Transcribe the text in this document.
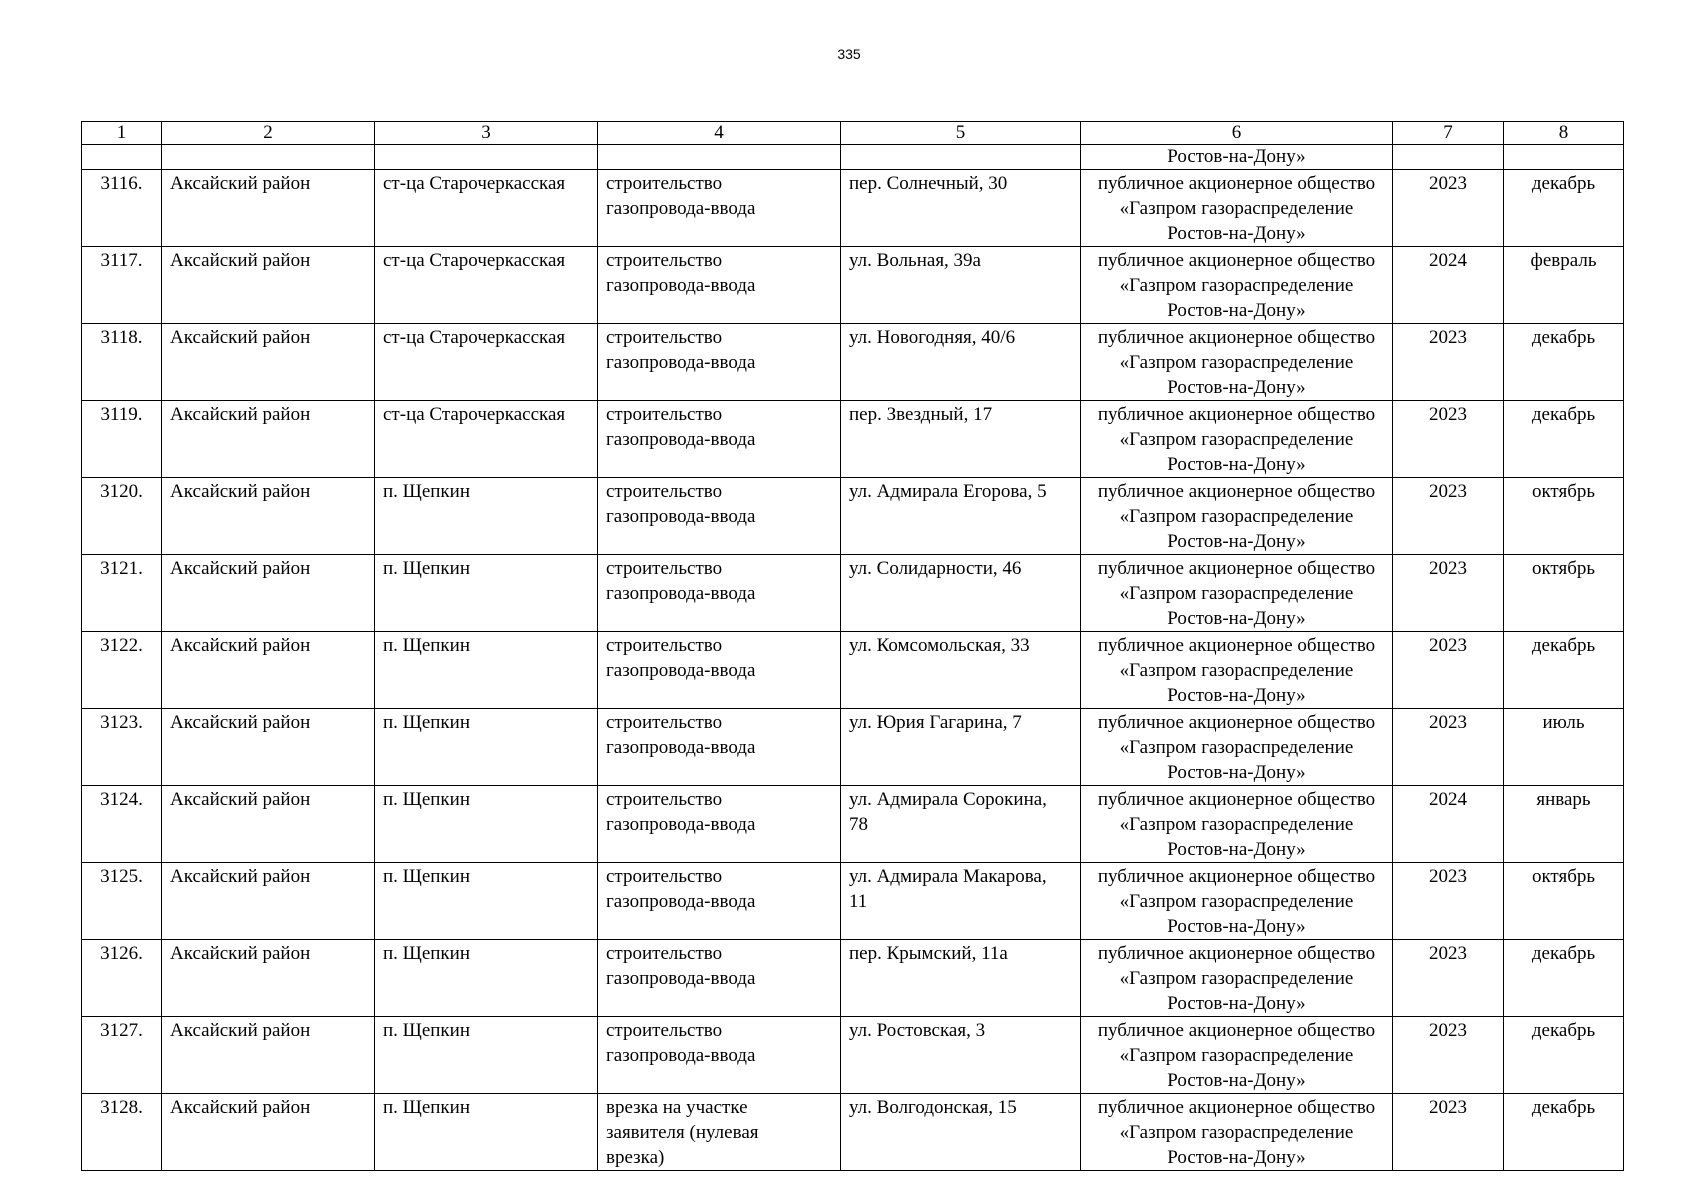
335
1	2	3	4	5	6	7	8
					Ростов-на-Дону»		
3116.	Аксайский район	ст-ца Старочеркасская	строительство
газопровода-ввода	пер. Солнечный, 30	публичное акционерное общество
«Газпром газораспределение
Ростов-на-Дону»	2023	декабрь
3117.	Аксайский район	ст-ца Старочеркасская	строительство
газопровода-ввода	ул. Вольная, 39а	публичное акционерное общество
«Газпром газораспределение
Ростов-на-Дону»	2024	февраль
3118.	Аксайский район	ст-ца Старочеркасская	строительство
газопровода-ввода	ул. Новогодняя, 40/6	публичное акционерное общество
«Газпром газораспределение
Ростов-на-Дону»	2023	декабрь
3119.	Аксайский район	ст-ца Старочеркасская	строительство
газопровода-ввода	пер. Звездный, 17	публичное акционерное общество
«Газпром газораспределение
Ростов-на-Дону»	2023	декабрь
3120.	Аксайский район	п. Щепкин	строительство
газопровода-ввода	ул. Адмирала Егорова, 5	публичное акционерное общество
«Газпром газораспределение
Ростов-на-Дону»	2023	октябрь
3121.	Аксайский район	п. Щепкин	строительство
газопровода-ввода	ул. Солидарности, 46	публичное акционерное общество
«Газпром газораспределение
Ростов-на-Дону»	2023	октябрь
3122.	Аксайский район	п. Щепкин	строительство
газопровода-ввода	ул. Комсомольская, 33	публичное акционерное общество
«Газпром газораспределение
Ростов-на-Дону»	2023	декабрь
3123.	Аксайский район	п. Щепкин	строительство
газопровода-ввода	ул. Юрия Гагарина, 7	публичное акционерное общество
«Газпром газораспределение
Ростов-на-Дону»	2023	июль
3124.	Аксайский район	п. Щепкин	строительство
газопровода-ввода	ул. Адмирала Сорокина,
78	публичное акционерное общество
«Газпром газораспределение
Ростов-на-Дону»	2024	январь
3125.	Аксайский район	п. Щепкин	строительство
газопровода-ввода	ул. Адмирала Макарова,
11	публичное акционерное общество
«Газпром газораспределение
Ростов-на-Дону»	2023	октябрь
3126.	Аксайский район	п. Щепкин	строительство
газопровода-ввода	пер. Крымский, 11а	публичное акционерное общество
«Газпром газораспределение
Ростов-на-Дону»	2023	декабрь
3127.	Аксайский район	п. Щепкин	строительство
газопровода-ввода	ул. Ростовская, 3	публичное акционерное общество
«Газпром газораспределение
Ростов-на-Дону»	2023	декабрь
3128.	Аксайский район	п. Щепкин	врезка на участке
заявителя (нулевая
врезка)	ул. Волгодонская, 15	публичное акционерное общество
«Газпром газораспределение
Ростов-на-Дону»	2023	декабрь
